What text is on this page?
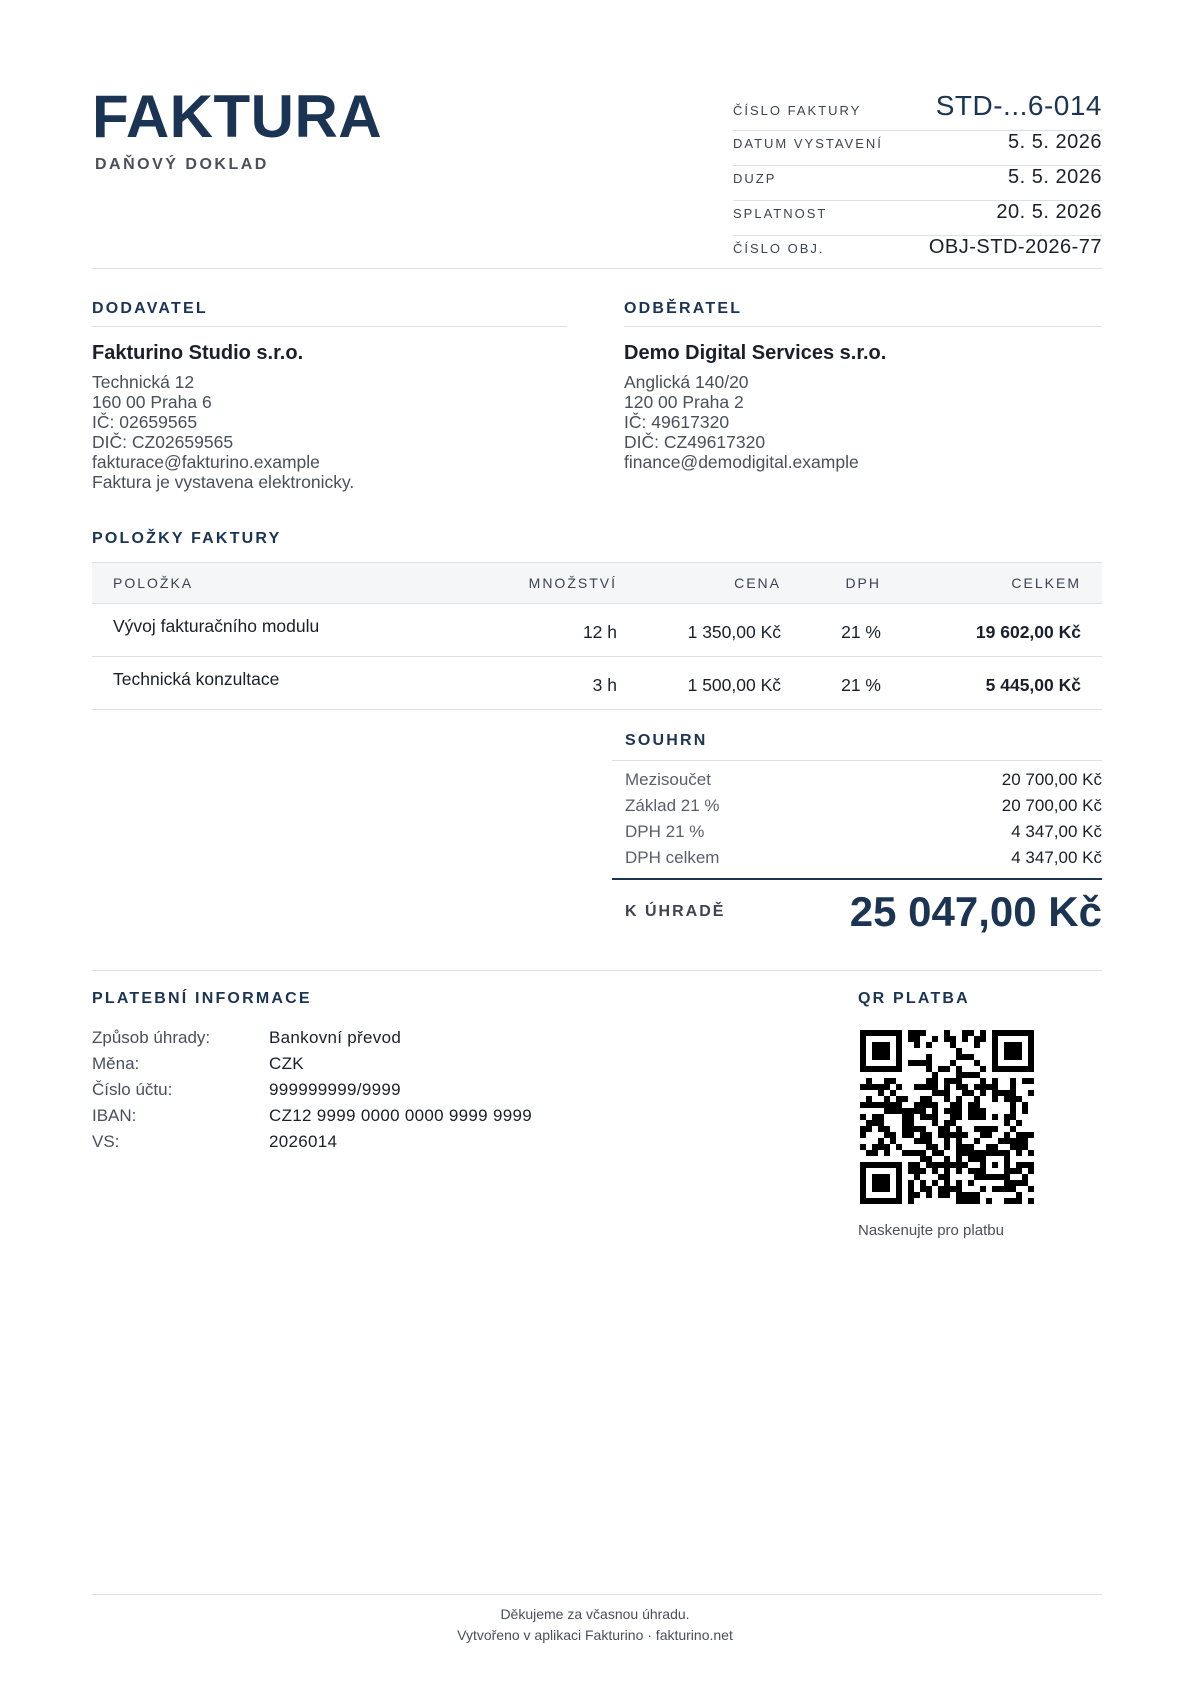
FAKTURA
DAŇOVÝ DOKLAD
ČÍSLO FAKTURY	STD-...6-014
DATUM VYSTAVENÍ	5. 5. 2026
DUZP	5. 5. 2026
SPLATNOST	20. 5. 2026
ČÍSLO OBJ.	OBJ-STD-2026-77
DODAVATEL
Fakturino Studio s.r.o.
Technická 12
160 00 Praha 6
IČ: 02659565
DIČ: CZ02659565
fakturace@fakturino.example
Faktura je vystavena elektronicky.
ODBĚRATEL
Demo Digital Services s.r.o.
Anglická 140/20
120 00 Praha 2
IČ: 49617320
DIČ: CZ49617320
finance@demodigital.example
POLOŽKY FAKTURY
POLOŽKA	MNOŽSTVÍ	CENA	DPH	CELKEM
Vývoj fakturačního modulu	12 h	1 350,00 Kč	21 %	19 602,00 Kč
Technická konzultace	3 h	1 500,00 Kč	21 %	5 445,00 Kč
SOUHRN
Mezisoučet	20 700,00 Kč
Základ 21 %	20 700,00 Kč
DPH 21 %	4 347,00 Kč
DPH celkem	4 347,00 Kč
K ÚHRADĚ	25 047,00 Kč
PLATEBNÍ INFORMACE
Způsob úhrady:	Bankovní převod
Měna:	CZK
Číslo účtu:	999999999/9999
IBAN:	CZ12 9999 0000 0000 9999 9999
VS:	2026014
QR PLATBA
Naskenujte pro platbu
Děkujeme za včasnou úhradu.
Vytvořeno v aplikaci Fakturino · fakturino.net
